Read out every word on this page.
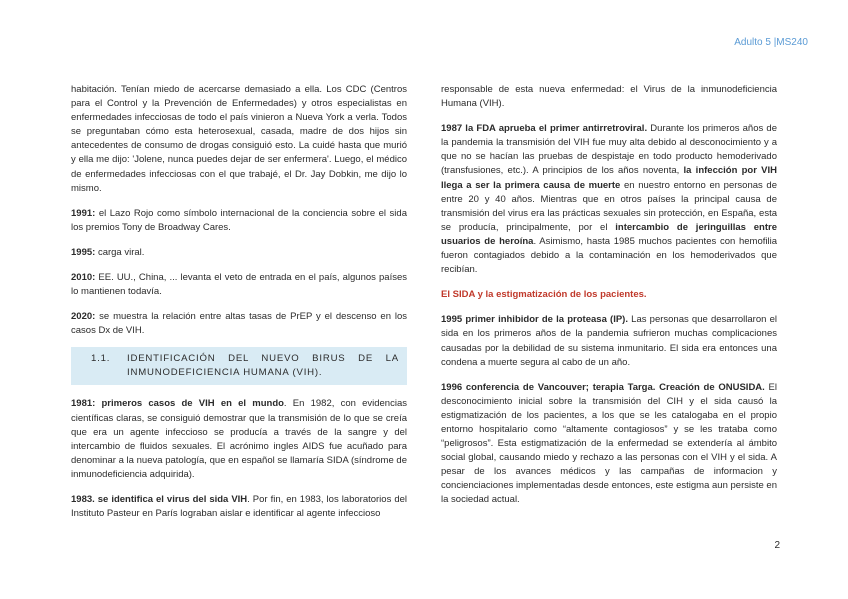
Adulto 5 |MS240

habitación. Tenían miedo de acercarse demasiado a ella. Los CDC (Centros para el Control y la Prevención de Enfermedades) y otros especialistas en enfermedades infecciosas de todo el país vinieron a Nueva York a verla. Todos se preguntaban cómo esta heterosexual, casada, madre de dos hijos sin antecedentes de consumo de drogas consiguió esto. La cuidé hasta que murió y ella me dijo: 'Jolene, nunca puedes dejar de ser enfermera'. Luego, el médico de enfermedades infecciosas con el que trabajé, el Dr. Jay Dobkin, me dijo lo mismo.

1991: el Lazo Rojo como símbolo internacional de la conciencia sobre el sida los premios Tony de Broadway Cares.

1995: carga viral.

2010: EE. UU., China, ... levanta el veto de entrada en el país, algunos países lo mantienen todavía.

2020: se muestra la relación entre altas tasas de PrEP y el descenso en los casos Dx de VIH.

1.1.	IDENTIFICACIÓN DEL NUEVO BIRUS DE LA INMUNODEFICIENCIA HUMANA (VIH).

1981: primeros casos de VIH en el mundo. En 1982, con evidencias científicas claras, se consiguió demostrar que la transmisión de lo que se creía que era un agente infeccioso se producía a través de la sangre y del intercambio de fluidos sexuales. El acrónimo ingles AIDS fue acuñado para denominar a la nueva patología, que en español se llamaría SIDA (síndrome de inmunodeficiencia adquirida).

1983. se identifica el virus del sida VIH. Por fin, en 1983, los laboratorios del Instituto Pasteur en París lograban aislar e identificar al agente infeccioso

responsable de esta nueva enfermedad: el Virus de la inmunodeficiencia Humana (VIH).

1987 la FDA aprueba el primer antirretroviral. Durante los primeros años de la pandemia la transmisión del VIH fue muy alta debido al desconocimiento y a que no se hacían las pruebas de despistaje en todo producto hemoderivado (transfusiones, etc.). A principios de los años noventa, la infección por VIH llega a ser la primera causa de muerte en nuestro entorno en personas de entre 20 y 40 años. Mientras que en otros países la principal causa de transmisión del virus era las prácticas sexuales sin protección, en España, esta se producía, principalmente, por el intercambio de jeringuillas entre usuarios de heroína. Asimismo, hasta 1985 muchos pacientes con hemofilia fueron contagiados debido a la contaminación en los hemoderivados que recibían.

El SIDA y la estigmatización de los pacientes.

1995 primer inhibidor de la proteasa (IP). Las personas que desarrollaron el sida en los primeros años de la pandemia sufrieron muchas complicaciones causadas por la debilidad de su sistema inmunitario. El sida era entonces una condena a muerte segura al cabo de un año.

1996 conferencia de Vancouver; terapia Targa. Creación de ONUSIDA. El desconocimiento inicial sobre la transmisión del CIH y el sida causó la estigmatización de los pacientes, a los que se les catalogaba en el propio entorno hospitalario como “altamente contagiosos” y se les trataba como “peligrosos”. Esta estigmatización de la enfermedad se extendería al ámbito social global, causando miedo y rechazo a las personas con el VIH y el sida. A pesar de los avances médicos y las campañas de informacion y concienciaciones implementadas desde entonces, este estigma aun persiste en la sociedad actual.

2
